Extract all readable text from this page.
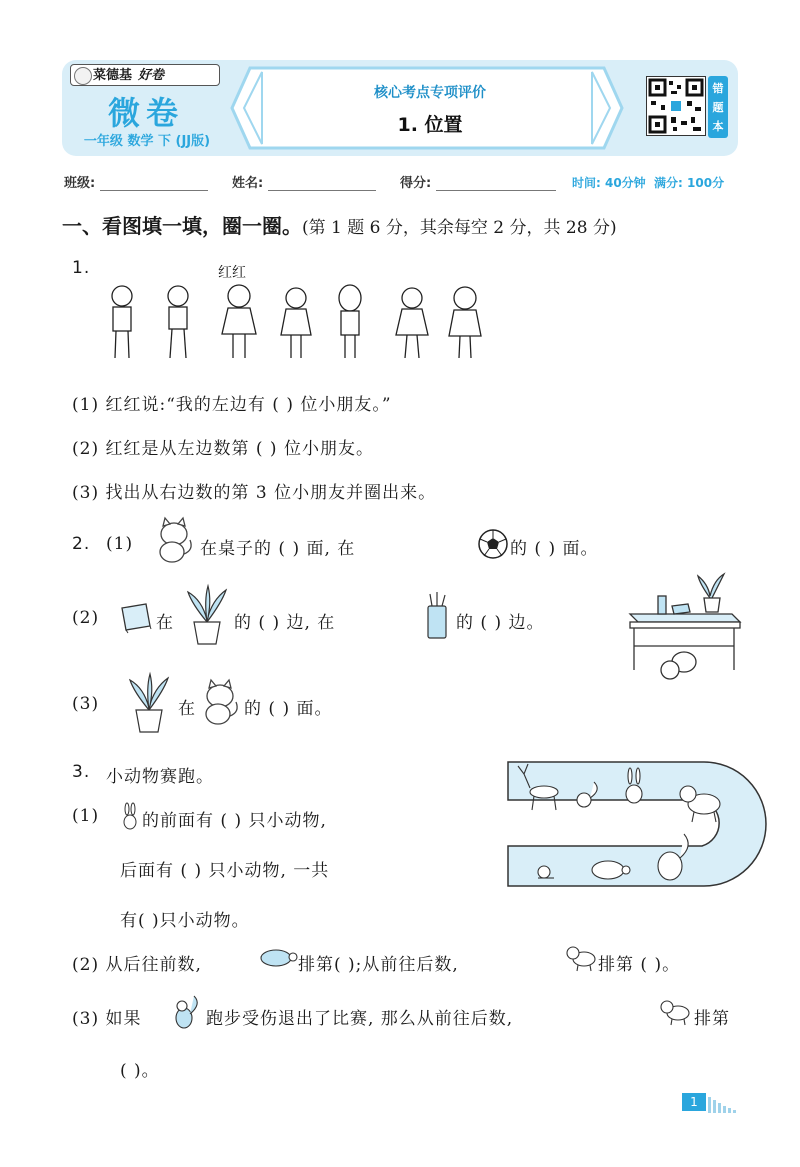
菜德基 好卷
微卷
一年级 数学 下 (JJ版)
核心考点专项评价
1. 位置
错
题
本
班级:	姓名:	得分:	时间: 40分钟 满分: 100分
一、看图填一填，圈一圈。(第 1 题 6 分，其余每空 2 分，共 28 分)
1.	红红
(1) 红红说:“我的左边有 ( ) 位小朋友。”
(2) 红红是从左边数第 ( ) 位小朋友。
(3) 找出从右边数的第 3 位小朋友并圈出来。
2. (1)	在桌子的 ( ) 面, 在	的 ( ) 面。
(2)	在	的 ( ) 边, 在	的 ( ) 边。
(3)	在	的 ( ) 面。
3. 小动物赛跑。
(1)	的前面有 ( ) 只小动物,
后面有 ( ) 只小动物, 一共
有( )只小动物。
(2) 从后往前数,	排第( );从前往后数,	排第 ( )。
(3) 如果	跑步受伤退出了比赛, 那么从前往后数,	排第
( )。
1
